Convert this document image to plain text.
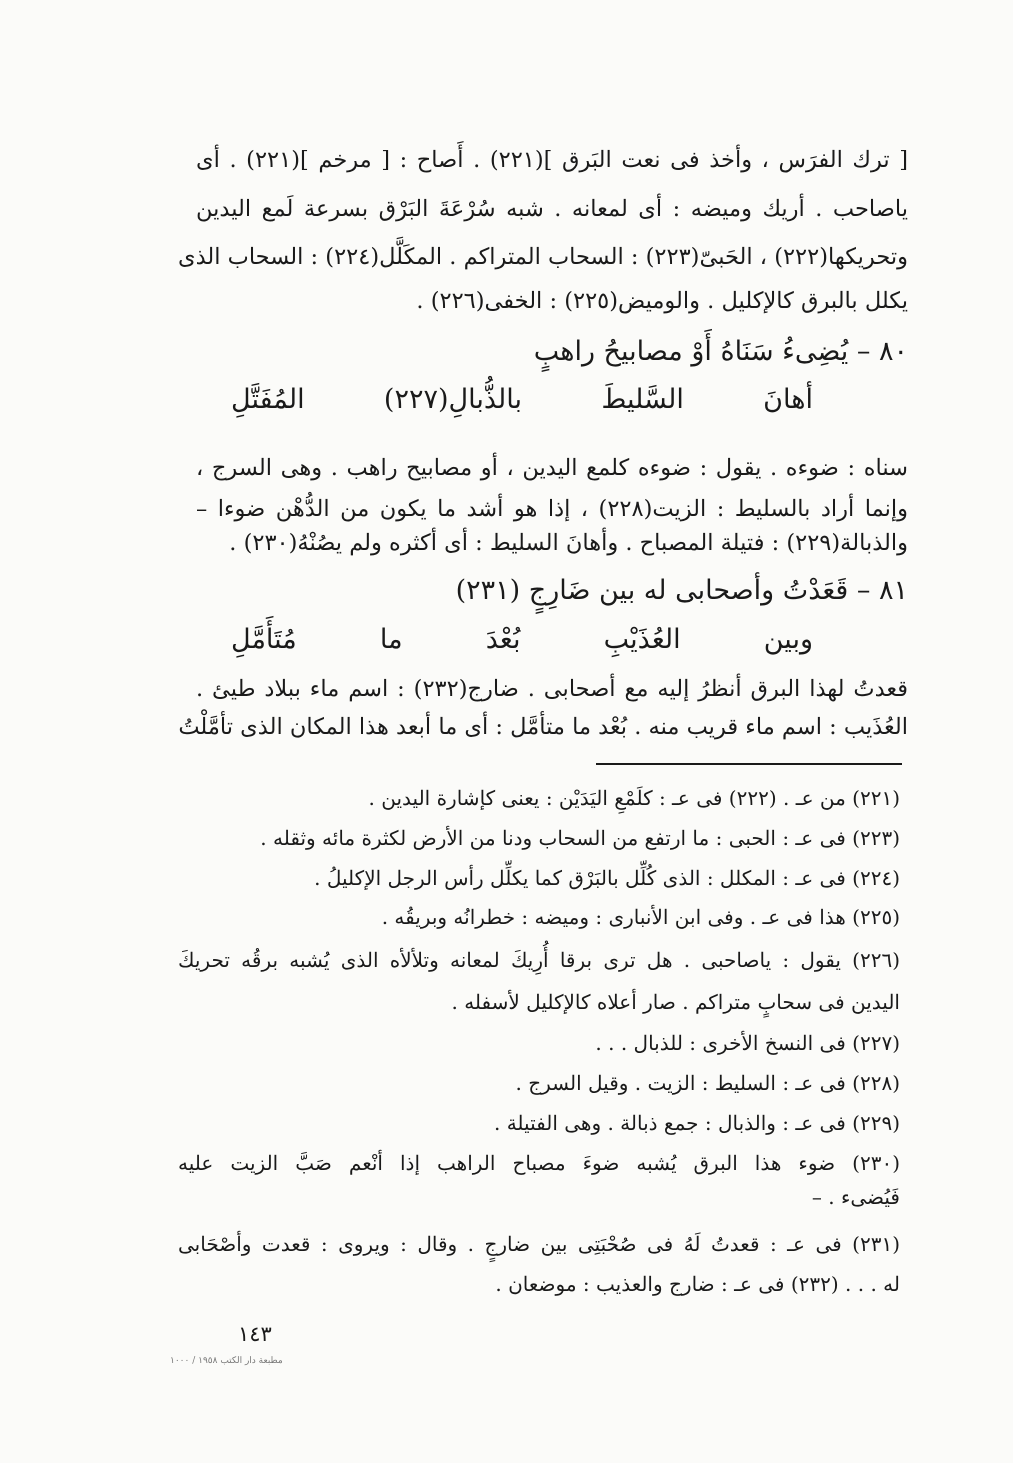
[ ترك الفرَس ، وأخذ فى نعت البَرق ](٢٢١) . أَصاح : [ مرخم ](٢٢١) . أى
ياصاحب . أريك وميضه : أى لمعانه . شبه سُرْعَةَ البَرْق بسرعة لَمع اليدين
وتحريكها(٢٢٢) ، الحَبىّ(٢٢٣) : السحاب المتراكم . المكَلَّل(٢٢٤) : السحاب الذى
يكلل بالبرق كالإكليل . والوميض(٢٢٥) : الخفى(٢٢٦) .
٨٠ – يُضِىءُ سَنَاهُ أَوْ مصابيحُ راهبٍ
أهانَ السَّليطَ بالذُّبالِ(٢٢٧) المُفَتَّلِ
سناه : ضوءه . يقول : ضوءه كلمع اليدين ، أو مصابيح راهب . وهى السرج ،
وإنما أراد بالسليط : الزيت(٢٢٨) ، إذا هو أشد ما يكون من الدُّهْن ضوءا –
والذبالة(٢٢٩) : فتيلة المصباح . وأهانَ السليط : أى أكثره ولم يصُنْهُ(٢٣٠) .
٨١ – قَعَدْتُ وأصحابى له بين ضَارِجٍ (٢٣١)
وبين العُذَيْبِ بُعْدَ ما مُتَأَمَّلِ
قعدتُ لهذا البرق أنظرُ إليه مع أصحابى . ضارج(٢٣٢) : اسم ماء ببلاد طيئ .
العُذَيب : اسم ماء قريب منه . بُعْد ما متأمَّل : أى ما أبعد هذا المكان الذى تأمَّلْتُ
(٢٢١) من عـ . (٢٢٢) فى عـ : كلَمْعِ اليَدَيْن : يعنى كإشارة اليدين .
(٢٢٣) فى عـ : الحبى : ما ارتفع من السحاب ودنا من الأرض لكثرة مائه وثقله .
(٢٢٤) فى عـ : المكلل : الذى كُلِّل بالبَرْق كما يكلِّل رأس الرجل الإكليلُ .
(٢٢٥) هذا فى عـ . وفى ابن الأنبارى : وميضه : خطرانُه وبريقُه .
(٢٢٦) يقول : ياصاحبى . هل ترى برقا أُرِيكَ لمعانه وتلألأه الذى يُشبه برقُه تحريكَ
اليدين فى سحابٍ متراكم . صار أعلاه كالإكليل لأسفله .
(٢٢٧) فى النسخ الأخرى : للذبال . . .
(٢٢٨) فى عـ : السليط : الزيت . وقيل السرج .
(٢٢٩) فى عـ : والذبال : جمع ذبالة . وهى الفتيلة .
(٢٣٠) ضوء هذا البرق يُشبه ضوءَ مصباح الراهب إذا أنْعم صَبَّ الزيت عليه
فَيُضىء . –
(٢٣١) فى عـ : قعدتُ لَهُ فى صُحْبَتِى بين ضارجٍ . وقال : ويروى : قعدت وأصْحَابى
له . . . (٢٣٢) فى عـ : ضارج والعذيب : موضعان .
١٤٣
مطبعة دار الكتب ١٩٥٨ / ١٠٠٠
